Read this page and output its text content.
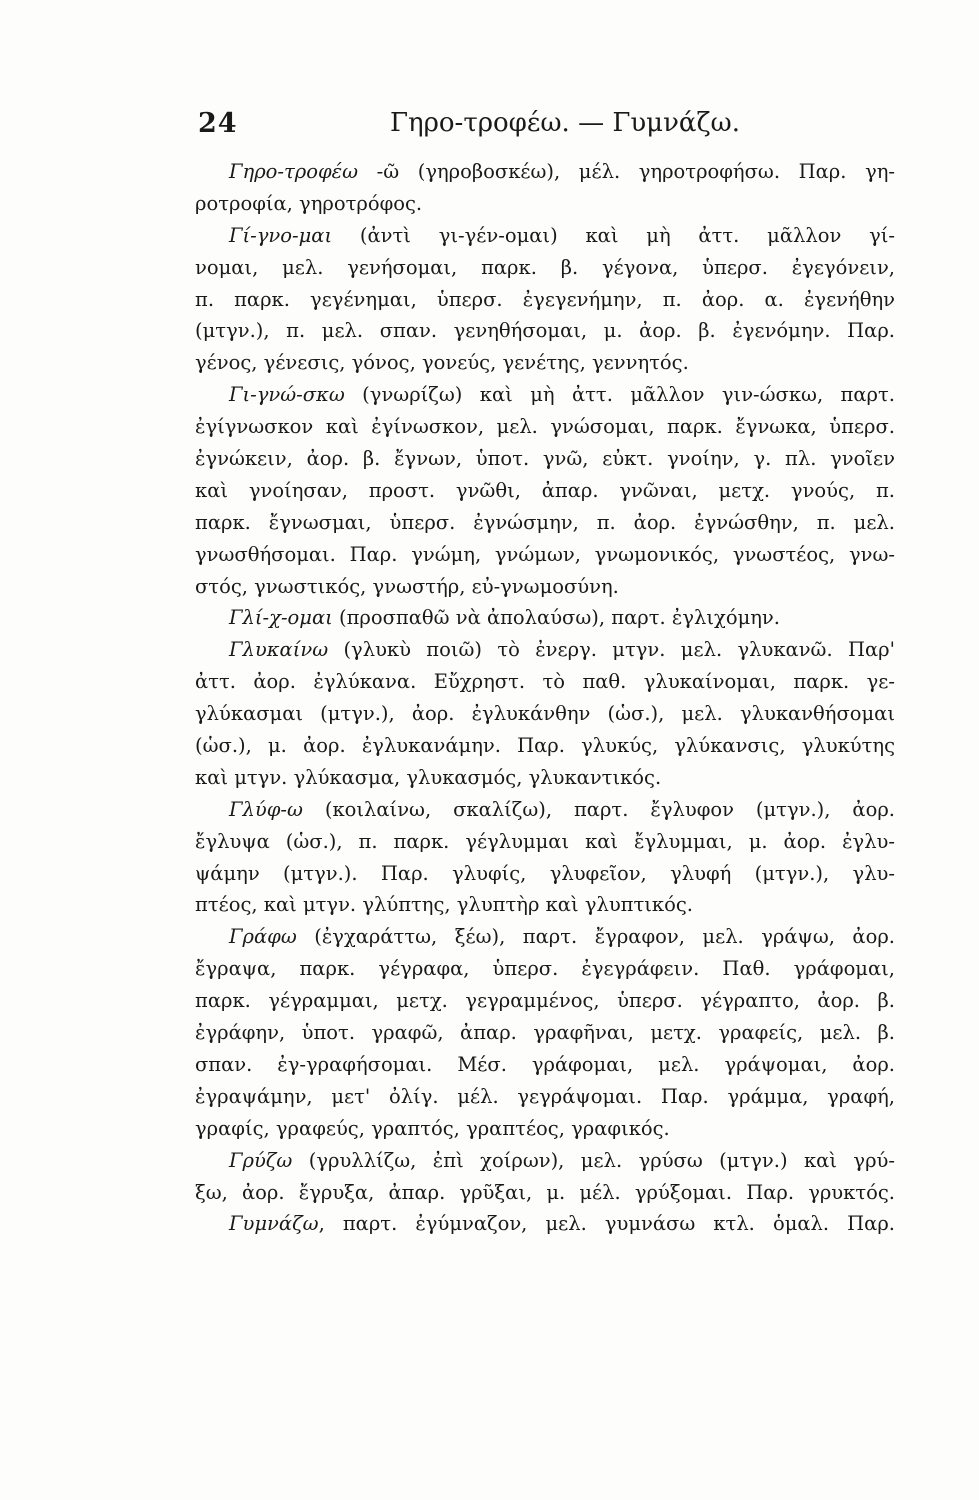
24	Γηρο-τροφέω. — Γυμνάζω.
Γηρο-τροφέω -ῶ (γηροβοσκέω), μέλ. γηροτροφήσω. Παρ. γη-
ροτροφία, γηροτρόφος.
Γί-γνο-μαι (ἀντὶ γι-γέν-ομαι) καὶ μὴ ἀττ. μᾶλλον γί-
νομαι, μελ. γενήσομαι, παρκ. β. γέγονα, ὑπερσ. ἐγεγόνειν,
π. παρκ. γεγένημαι, ὑπερσ. ἐγεγενήμην, π. ἀορ. α. ἐγενήθην
(μτγν.), π. μελ. σπαν. γενηθήσομαι, μ. ἀορ. β. ἐγενόμην. Παρ.
γένος, γένεσις, γόνος, γονεύς, γενέτης, γεννητός.
Γι-γνώ-σκω (γνωρίζω) καὶ μὴ ἀττ. μᾶλλον γιν-ώσκω, παρτ.
ἐγίγνωσκον καὶ ἐγίνωσκον, μελ. γνώσομαι, παρκ. ἔγνωκα, ὑπερσ.
ἐγνώκειν, ἀορ. β. ἔγνων, ὑποτ. γνῶ, εὐκτ. γνοίην, γ. πλ. γνοῖεν
καὶ γνοίησαν, προστ. γνῶθι, ἀπαρ. γνῶναι, μετχ. γνούς, π.
παρκ. ἔγνωσμαι, ὑπερσ. ἐγνώσμην, π. ἀορ. ἐγνώσθην, π. μελ.
γνωσθήσομαι. Παρ. γνώμη, γνώμων, γνωμονικός, γνωστέος, γνω-
στός, γνωστικός, γνωστήρ, εὐ-γνωμοσύνη.
Γλί-χ-ομαι (προσπαθῶ νὰ ἀπολαύσω), παρτ. ἐγλιχόμην.
Γλυκαίνω (γλυκὺ ποιῶ) τὸ ἐνεργ. μτγν. μελ. γλυκανῶ. Παρ'
ἀττ. ἀορ. ἐγλύκανα. Εὔχρηστ. τὸ παθ. γλυκαίνομαι, παρκ. γε-
γλύκασμαι (μτγν.), ἀορ. ἐγλυκάνθην (ὡσ.), μελ. γλυκανθήσομαι
(ὡσ.), μ. ἀορ. ἐγλυκανάμην. Παρ. γλυκύς, γλύκανσις, γλυκύτης
καὶ μτγν. γλύκασμα, γλυκασμός, γλυκαντικός.
Γλύφ-ω (κοιλαίνω, σκαλίζω), παρτ. ἔγλυφον (μτγν.), ἀορ.
ἔγλυψα (ὡσ.), π. παρκ. γέγλυμμαι καὶ ἔγλυμμαι, μ. ἀορ. ἐγλυ-
ψάμην (μτγν.). Παρ. γλυφίς, γλυφεῖον, γλυφή (μτγν.), γλυ-
πτέος, καὶ μτγν. γλύπτης, γλυπτὴρ καὶ γλυπτικός.
Γράφω (ἐγχαράττω, ξέω), παρτ. ἔγραφον, μελ. γράψω, ἀορ.
ἔγραψα, παρκ. γέγραφα, ὑπερσ. ἐγεγράφειν. Παθ. γράφομαι,
παρκ. γέγραμμαι, μετχ. γεγραμμένος, ὑπερσ. γέγραπτο, ἀορ. β.
ἐγράφην, ὑποτ. γραφῶ, ἀπαρ. γραφῆναι, μετχ. γραφείς, μελ. β.
σπαν. ἐγ-γραφήσομαι. Μέσ. γράφομαι, μελ. γράψομαι, ἀορ.
ἐγραψάμην, μετ' ὀλίγ. μέλ. γεγράψομαι. Παρ. γράμμα, γραφή,
γραφίς, γραφεύς, γραπτός, γραπτέος, γραφικός.
Γρύζω (γρυλλίζω, ἐπὶ χοίρων), μελ. γρύσω (μτγν.) καὶ γρύ-
ξω, ἀορ. ἔγρυξα, ἀπαρ. γρῦξαι, μ. μέλ. γρύξομαι. Παρ. γρυκτός.
Γυμνάζω, παρτ. ἐγύμναζον, μελ. γυμνάσω κτλ. ὁμαλ. Παρ.
